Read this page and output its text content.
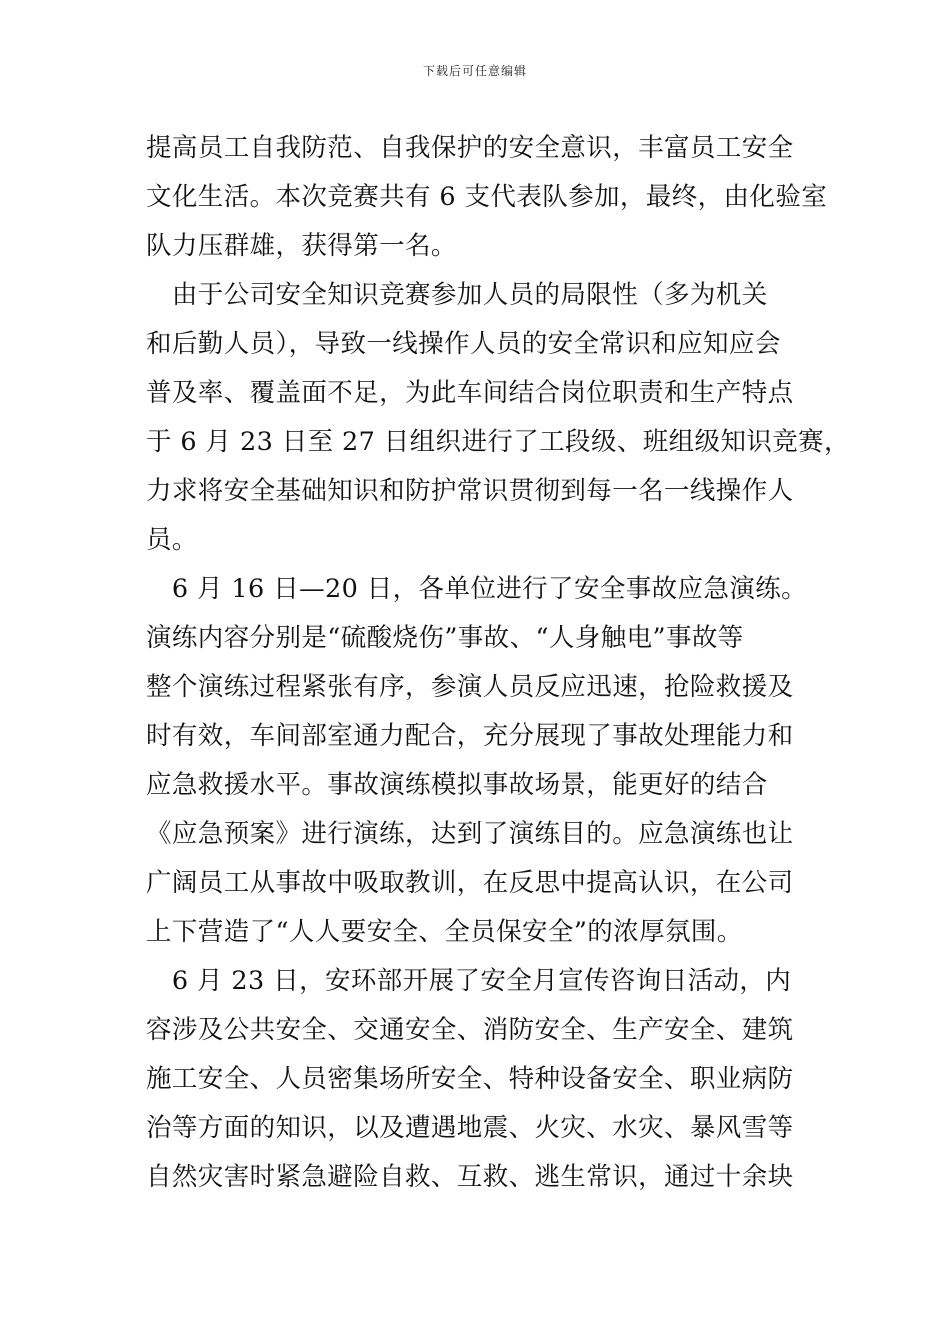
下载后可任意编辑
提高员工自我防范、自我保护的安全意识，丰富员工安全
文化生活。本次竞赛共有 6 支代表队参加，最终，由化验室
队力压群雄，获得第一名。
　由于公司安全知识竞赛参加人员的局限性（多为机关
和后勤人员），导致一线操作人员的安全常识和应知应会
普及率、覆盖面不足，为此车间结合岗位职责和生产特点
于 6 月 23 日至 27 日组织进行了工段级、班组级知识竞赛，
力求将安全基础知识和防护常识贯彻到每一名一线操作人
员。
　6 月 16 日—20 日，各单位进行了安全事故应急演练。
演练内容分别是“硫酸烧伤”事故、“人身触电”事故等
整个演练过程紧张有序，参演人员反应迅速，抢险救援及
时有效，车间部室通力配合，充分展现了事故处理能力和
应急救援水平。事故演练模拟事故场景，能更好的结合
《应急预案》进行演练，达到了演练目的。应急演练也让
广阔员工从事故中吸取教训，在反思中提高认识，在公司
上下营造了“人人要安全、全员保安全”的浓厚氛围。
　6 月 23 日，安环部开展了安全月宣传咨询日活动，内
容涉及公共安全、交通安全、消防安全、生产安全、建筑
施工安全、人员密集场所安全、特种设备安全、职业病防
治等方面的知识，以及遭遇地震、火灾、水灾、暴风雪等
自然灾害时紧急避险自救、互救、逃生常识，通过十余块
